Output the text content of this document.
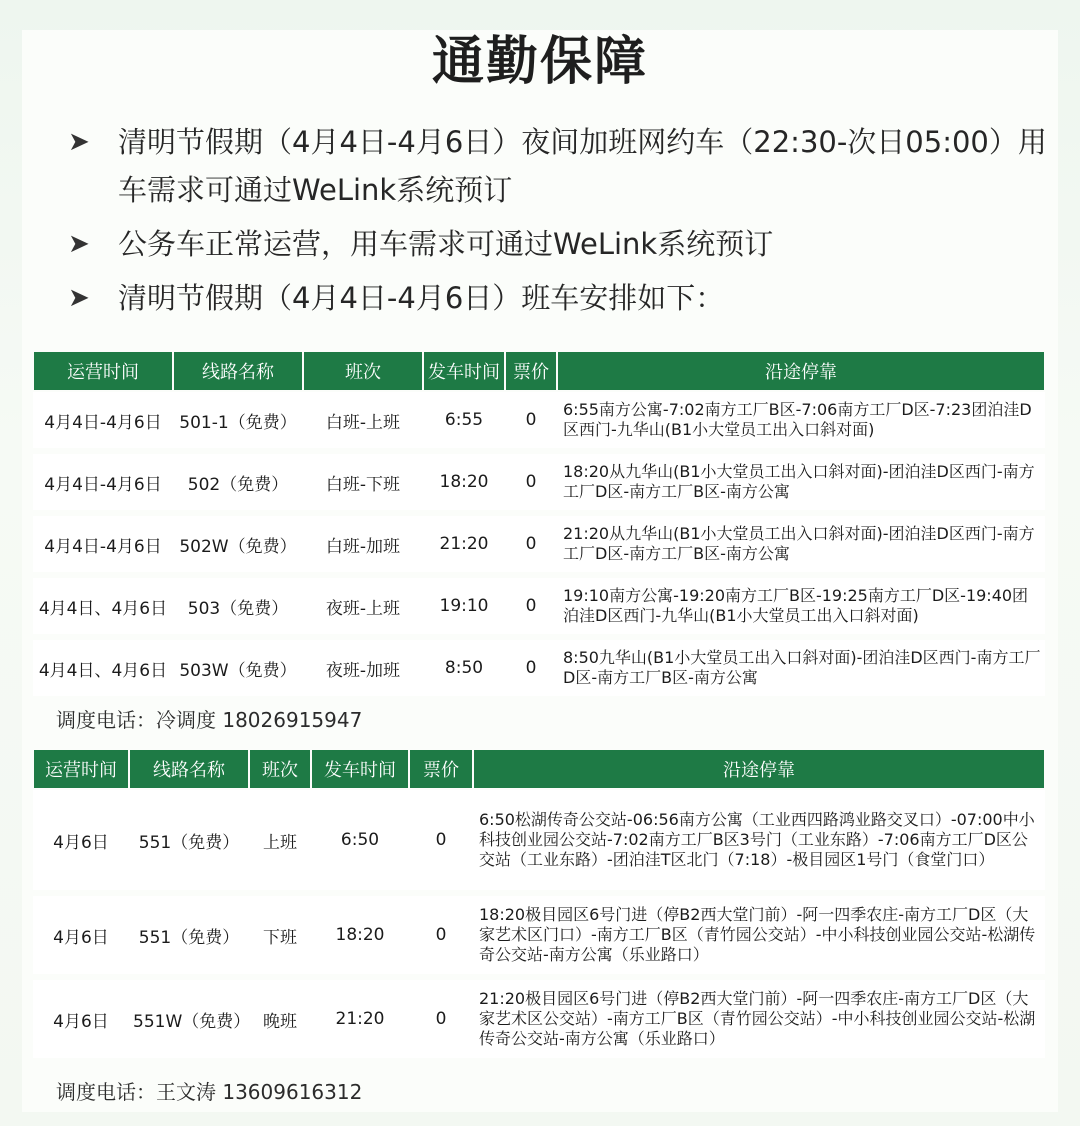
通勤保障
➤ 清明节假期（4月4日-4月6日）夜间加班网约车（22:30-次日05:00）用车需求可通过WeLink系统预订
➤ 公务车正常运营，用车需求可通过WeLink系统预订
➤ 清明节假期（4月4日-4月6日）班车安排如下：
运营时间	线路名称	班次	发车时间	票价	沿途停靠
4月4日-4月6日	501-1（免费）	白班-上班	6:55	0	6:55南方公寓-7:02南方工厂B区-7:06南方工厂D区-7:23团泊洼D区西门-九华山(B1小大堂员工出入口斜对面)
4月4日-4月6日	502（免费）	白班-下班	18:20	0	18:20从九华山(B1小大堂员工出入口斜对面)-团泊洼D区西门-南方工厂D区-南方工厂B区-南方公寓
4月4日-4月6日	502W（免费）	白班-加班	21:20	0	21:20从九华山(B1小大堂员工出入口斜对面)-团泊洼D区西门-南方工厂D区-南方工厂B区-南方公寓
4月4日、4月6日	503（免费）	夜班-上班	19:10	0	19:10南方公寓-19:20南方工厂B区-19:25南方工厂D区-19:40团泊洼D区西门-九华山(B1小大堂员工出入口斜对面)
4月4日、4月6日	503W（免费）	夜班-加班	8:50	0	8:50九华山(B1小大堂员工出入口斜对面)-团泊洼D区西门-南方工厂D区-南方工厂B区-南方公寓
调度电话：冷调度 18026915947
运营时间	线路名称	班次	发车时间	票价	沿途停靠
4月6日	551（免费）	上班	6:50	0	6:50松湖传奇公交站-06:56南方公寓（工业西四路鸿业路交叉口）-07:00中小科技创业园公交站-7:02南方工厂B区3号门（工业东路）-7:06南方工厂D区公交站（工业东路）-团泊洼T区北门（7:18）-极目园区1号门（食堂门口）
4月6日	551（免费）	下班	18:20	0	18:20极目园区6号门进（停B2西大堂门前）-阿一四季农庄-南方工厂D区（大家艺术区门口）-南方工厂B区（青竹园公交站）-中小科技创业园公交站-松湖传奇公交站-南方公寓（乐业路口）
4月6日	551W（免费）	晚班	21:20	0	21:20极目园区6号门进（停B2西大堂门前）-阿一四季农庄-南方工厂D区（大家艺术区公交站）-南方工厂B区（青竹园公交站）-中小科技创业园公交站-松湖传奇公交站-南方公寓（乐业路口）
调度电话：王文涛 13609616312
